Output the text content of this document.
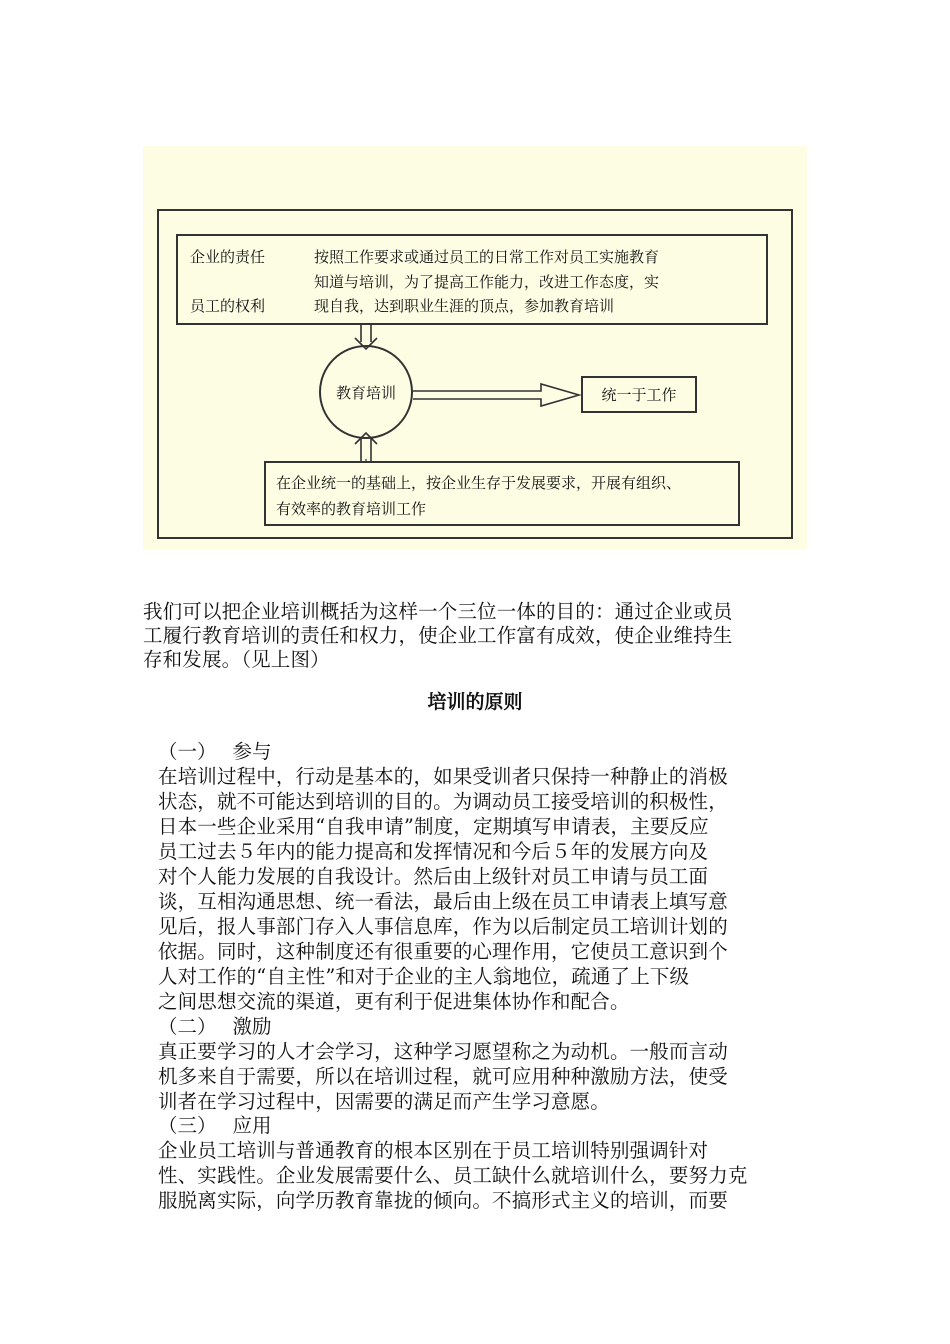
企业的责任
员工的权利
按照工作要求或通过员工的日常工作对员工实施教育
知道与培训，为了提高工作能力，改进工作态度，实
现自我，达到职业生涯的顶点，参加教育培训
教育培训	统一于工作
在企业统一的基础上，按企业生存于发展要求，开展有组织、
有效率的教育培训工作
我们可以把企业培训概括为这样一个三位一体的目的：通过企业或员
工履行教育培训的责任和权力，使企业工作富有成效，使企业维持生
存和发展。（见上图）
培训的原则
（一）　 参与
在培训过程中，行动是基本的，如果受训者只保持一种静止的消极
状态，就不可能达到培训的目的。为调动员工接受培训的积极性，
日本一些企业采用“自我申请”制度，定期填写申请表，主要反应
员工过去５年内的能力提高和发挥情况和今后５年的发展方向及
对个人能力发展的自我设计。然后由上级针对员工申请与员工面
谈，互相沟通思想、统一看法，最后由上级在员工申请表上填写意
见后，报人事部门存入人事信息库，作为以后制定员工培训计划的
依据。同时，这种制度还有很重要的心理作用，它使员工意识到个
人对工作的“自主性”和对于企业的主人翁地位，疏通了上下级
之间思想交流的渠道，更有利于促进集体协作和配合。
（二）　 激励
真正要学习的人才会学习，这种学习愿望称之为动机。一般而言动
机多来自于需要，所以在培训过程，就可应用种种激励方法，使受
训者在学习过程中，因需要的满足而产生学习意愿。
（三）　 应用
企业员工培训与普通教育的根本区别在于员工培训特别强调针对
性、实践性。企业发展需要什么、员工缺什么就培训什么，要努力克
服脱离实际，向学历教育靠拢的倾向。不搞形式主义的培训，而要
